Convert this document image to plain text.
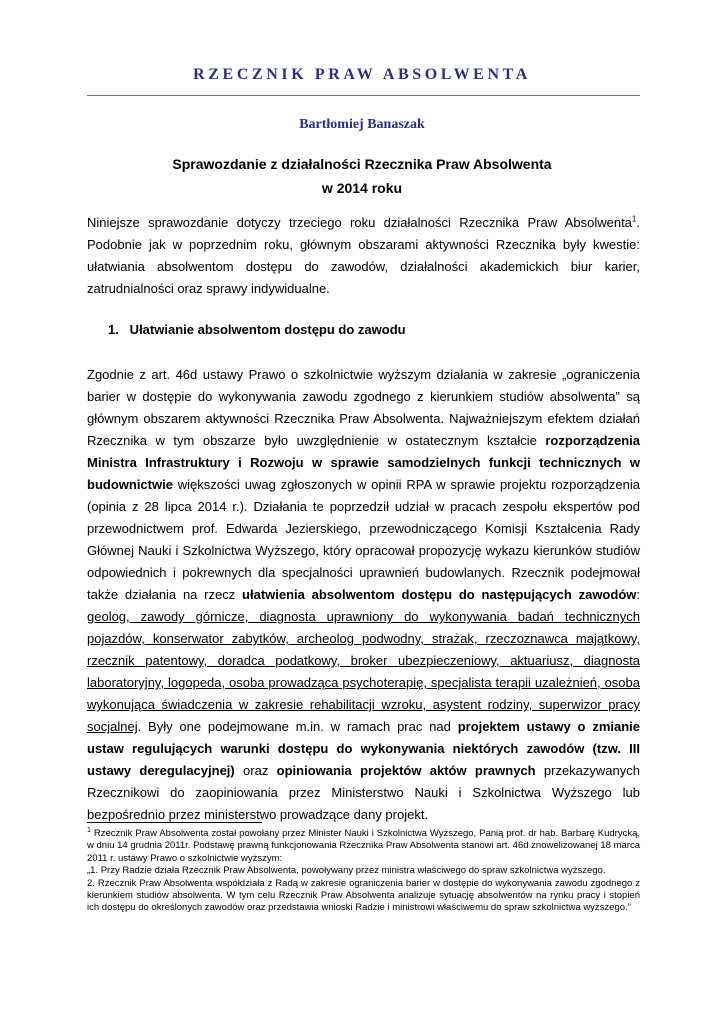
RZECZNIK PRAW ABSOLWENTA
Bartłomiej Banaszak
Sprawozdanie z działalności Rzecznika Praw Absolwenta
w 2014 roku
Niniejsze sprawozdanie dotyczy trzeciego roku działalności Rzecznika Praw Absolwenta$^1$. Podobnie jak w poprzednim roku, głównym obszarami aktywności Rzecznika były kwestie: ułatwiania absolwentom dostępu do zawodów, działalności akademickich biur karier, zatrudnialności oraz sprawy indywidualne.
1.   Ułatwianie absolwentom dostępu do zawodu
Zgodnie z art. 46d ustawy Prawo o szkolnictwie wyższym działania w zakresie „ograniczenia barier w dostępie do wykonywania zawodu zgodnego z kierunkiem studiów absolwenta” są głównym obszarem aktywności Rzecznika Praw Absolwenta. Najważniejszym efektem działań Rzecznika w tym obszarze było uwzględnienie w ostatecznym kształcie rozporządzenia Ministra Infrastruktury i Rozwoju w sprawie samodzielnych funkcji technicznych w budownictwie większości uwag zgłoszonych w opinii RPA w sprawie projektu rozporządzenia (opinia z 28 lipca 2014 r.). Działania te poprzedził udział w pracach zespołu ekspertów pod przewodnictwem prof. Edwarda Jezierskiego, przewodniczącego Komisji Kształcenia Rady Głównej Nauki i Szkolnictwa Wyższego, który opracował propozycję wykazu kierunków studiów odpowiednich i pokrewnych dla specjalności uprawnień budowlanych. Rzecznik podejmował także działania na rzecz ułatwienia absolwentom dostępu do następujących zawodów: geolog, zawody górnicze, diagnosta uprawniony do wykonywania badań technicznych pojazdów, konserwator zabytków, archeolog podwodny, strażak, rzeczoznawca majątkowy, rzecznik patentowy, doradca podatkowy, broker ubezpieczeniowy, aktuariusz, diagnosta laboratoryjny, logopeda, osoba prowadząca psychoterapię, specjalista terapii uzależnień, osoba wykonująca świadczenia w zakresie rehabilitacji wzroku, asystent rodziny, superwizor pracy socjalnej. Były one podejmowane m.in. w ramach prac nad projektem ustawy o zmianie ustaw regulujących warunki dostępu do wykonywania niektórych zawodów (tzw. III ustawy deregulacyjnej) oraz opiniowania projektów aktów prawnych przekazywanych Rzecznikowi do zaopiniowania przez Ministerstwo Nauki i Szkolnictwa Wyższego lub bezpośrednio przez ministerstwo prowadzące dany projekt.

$^1$ Rzecznik Praw Absolwenta został powołany przez Minister Nauki i Szkolnictwa Wyższego, Panią prof. dr hab. Barbarę Kudrycką, w dniu 14 grudnia 2011r. Podstawę prawną funkcjonowania Rzecznika Praw Absolwenta stanowi art. 46d znowelizowanej 18 marca 2011 r. ustawy Prawo o szkolnictwie wyższym:

„1. Przy Radzie działa Rzecznik Praw Absolwenta, powoływany przez ministra właściwego do spraw szkolnictwa wyższego.

2. Rzecznik Praw Absolwenta współdziała z Radą w zakresie ograniczenia barier w dostępie do wykonywania zawodu zgodnego z kierunkiem studiów absolwenta. W tym celu Rzecznik Praw Absolwenta analizuje sytuację absolwentów na rynku pracy i stopień ich dostępu do określonych zawodów oraz przedstawia wnioski Radzie i ministrowi właściwemu do spraw szkolnictwa wyższego.”
